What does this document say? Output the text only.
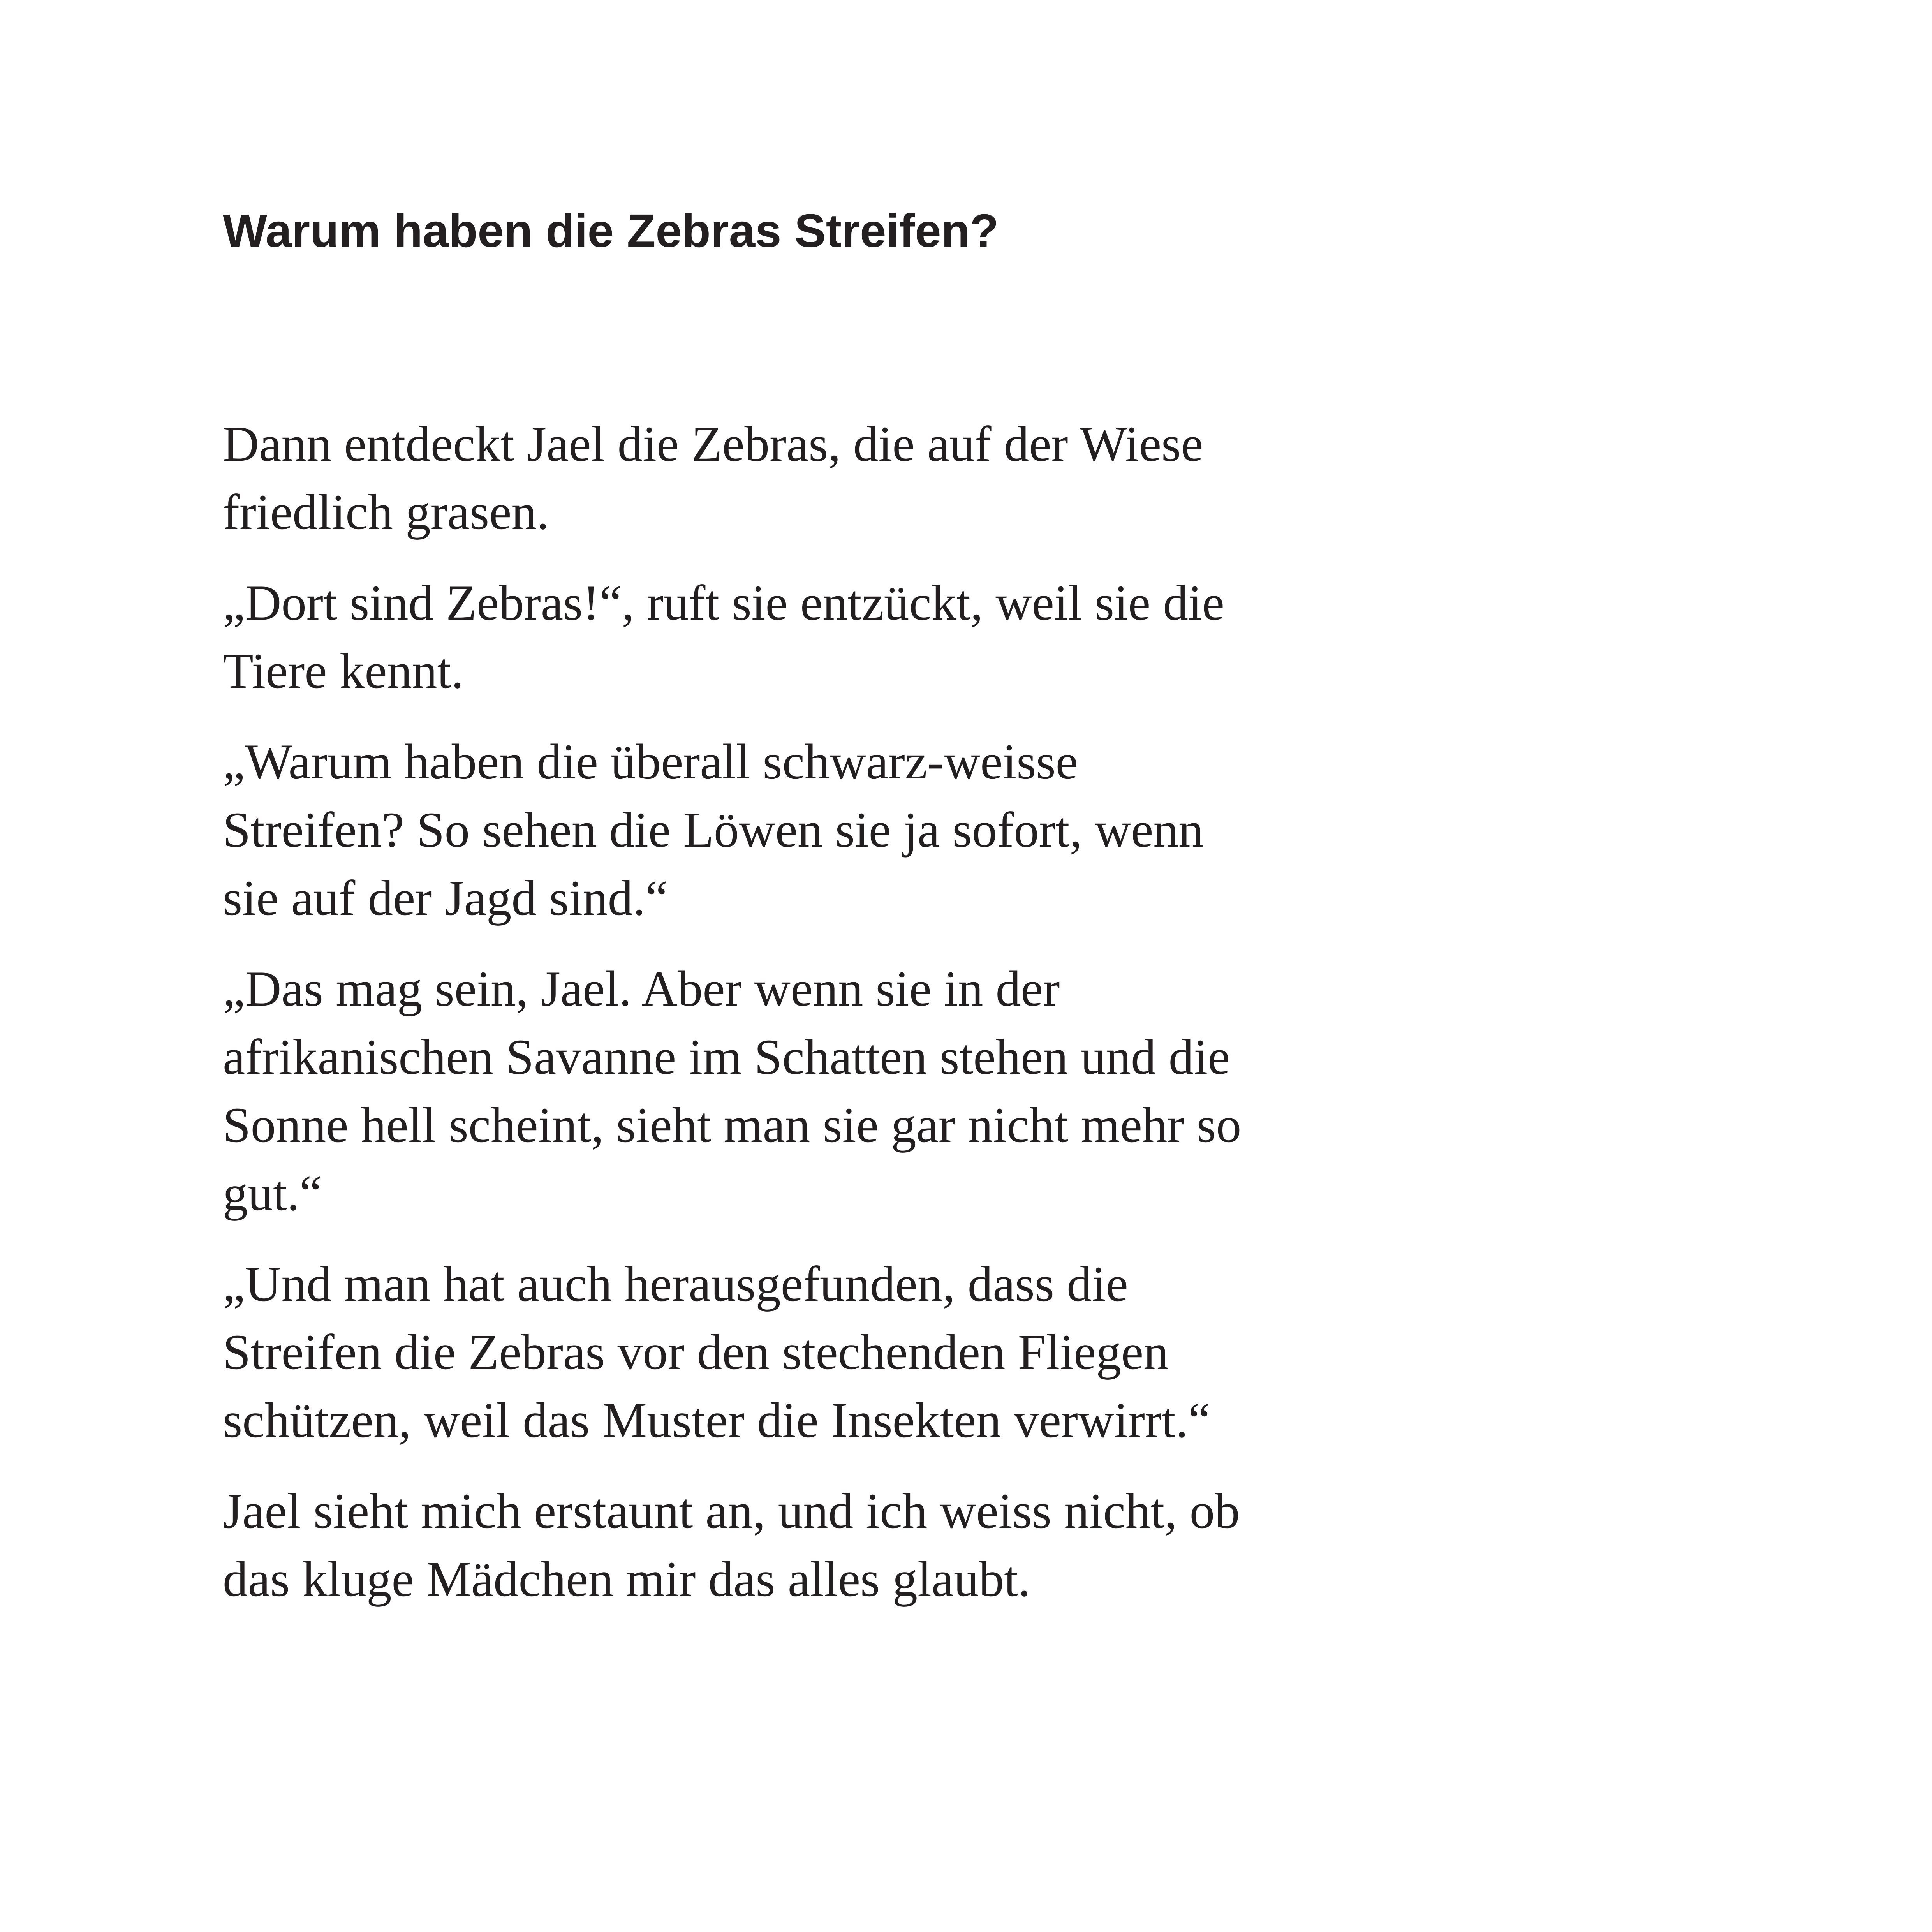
Warum haben die Zebras Streifen?

Dann entdeckt Jael die Zebras, die auf der Wiese
friedlich grasen.

„Dort sind Zebras!“, ruft sie entzückt, weil sie die
Tiere kennt.

„Warum haben die überall schwarz-weisse
Streifen? So sehen die Löwen sie ja sofort, wenn
sie auf der Jagd sind.“

„Das mag sein, Jael. Aber wenn sie in der
afrikanischen Savanne im Schatten stehen und die
Sonne hell scheint, sieht man sie gar nicht mehr so
gut.“

„Und man hat auch herausgefunden, dass die
Streifen die Zebras vor den stechenden Fliegen
schützen, weil das Muster die Insekten verwirrt.“

Jael sieht mich erstaunt an, und ich weiss nicht, ob
das kluge Mädchen mir das alles glaubt.
